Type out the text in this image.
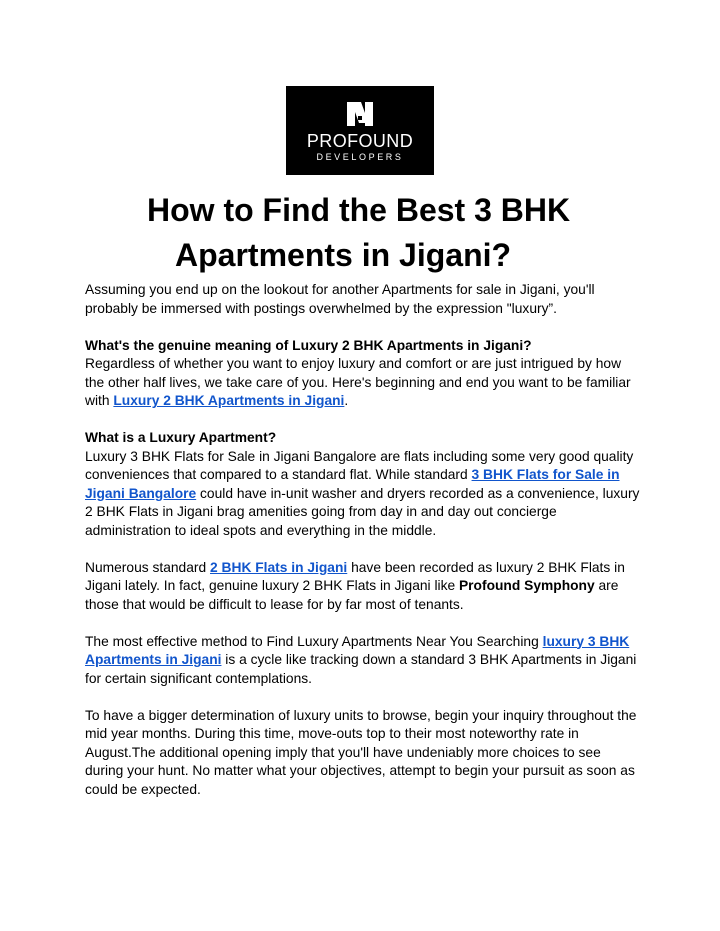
PROFOUND
DEVELOPERS
How to Find the Best 3 BHK
Apartments in Jigani?

Assuming you end up on the lookout for another Apartments for sale in Jigani, you'll probably be immersed with postings overwhelmed by the expression "luxury”.

What's the genuine meaning of Luxury 2 BHK Apartments in Jigani?
Regardless of whether you want to enjoy luxury and comfort or are just intrigued by how the other half lives, we take care of you. Here's beginning and end you want to be familiar with Luxury 2 BHK Apartments in Jigani.

What is a Luxury Apartment?
Luxury 3 BHK Flats for Sale in Jigani Bangalore are flats including some very good quality conveniences that compared to a standard flat. While standard 3 BHK Flats for Sale in Jigani Bangalore could have in-unit washer and dryers recorded as a convenience, luxury 2 BHK Flats in Jigani brag amenities going from day in and day out concierge administration to ideal spots and everything in the middle.

Numerous standard 2 BHK Flats in Jigani have been recorded as luxury 2 BHK Flats in Jigani lately. In fact, genuine luxury 2 BHK Flats in Jigani like Profound Symphony are those that would be difficult to lease for by far most of tenants.

The most effective method to Find Luxury Apartments Near You Searching luxury 3 BHK Apartments in Jigani is a cycle like tracking down a standard 3 BHK Apartments in Jigani for certain significant contemplations.

To have a bigger determination of luxury units to browse, begin your inquiry throughout the mid year months. During this time, move-outs top to their most noteworthy rate in August.The additional opening imply that you'll have undeniably more choices to see during your hunt. No matter what your objectives, attempt to begin your pursuit as soon as could be expected.
